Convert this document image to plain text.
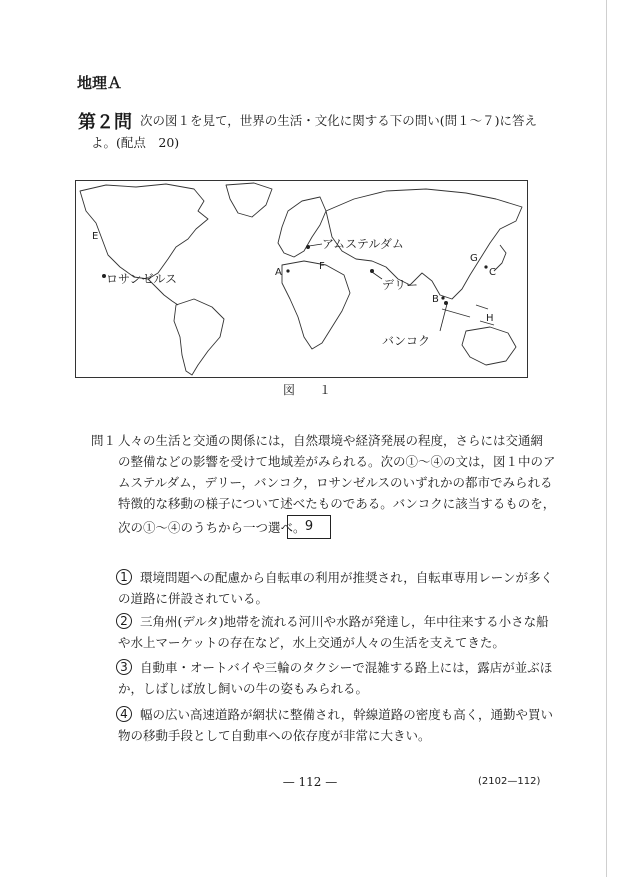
地理Ａ
第２問 次の図１を見て，世界の生活・文化に関する下の問い(問１～７)に答え
よ。(配点　20)
アムステルダム
ロサンゼルス	デリー
バンコク
A
B
C
E
F
G
H
図　１
問１ 人々の生活と交通の関係には，自然環境や経済発展の程度，さらには交通網
の整備などの影響を受けて地域差がみられる。次の①～④の文は，図１中のア
ムステルダム，デリー，バンコク，ロサンゼルスのいずれかの都市でみられる
特徴的な移動の様子について述べたものである。バンコクに該当するものを，
次の①～④のうちから一つ選べ。 9
1 環境問題への配慮から自転車の利用が推奨され，自転車専用レーンが多く
の道路に併設されている。
2 三角州(デルタ)地帯を流れる河川や水路が発達し，年中往来する小さな船
や水上マーケットの存在など，水上交通が人々の生活を支えてきた。
3 自動車・オートバイや三輪のタクシーで混雑する路上には，露店が並ぶほ
か，しばしば放し飼いの牛の姿もみられる。
4 幅の広い高速道路が網状に整備され，幹線道路の密度も高く，通勤や買い
物の移動手段として自動車への依存度が非常に大きい。
— 112 —	(2102—112)
